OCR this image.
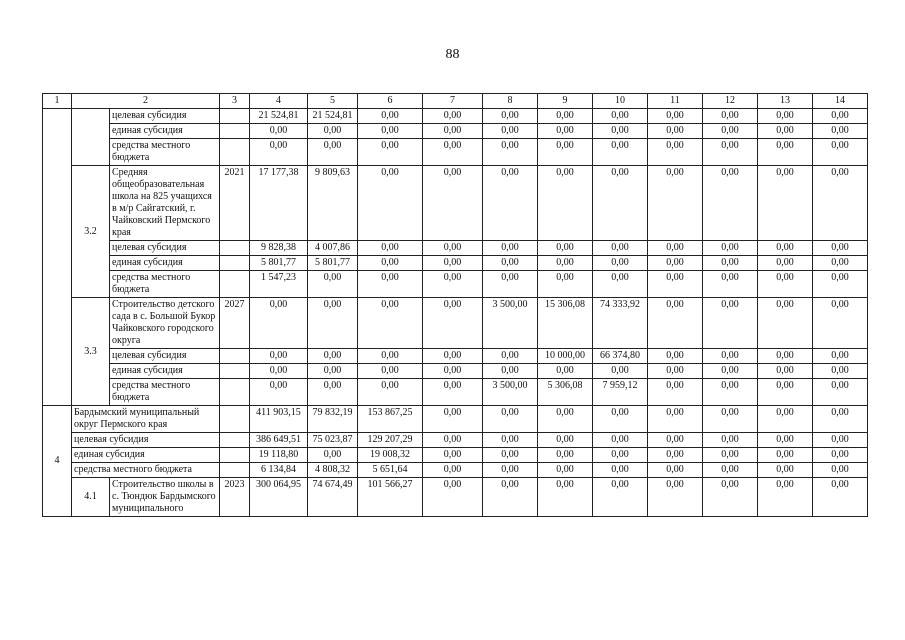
88
1	2		3	4	5	6	7	8	9	10	11	12	13	14
		целевая субсидия		21 524,81	21 524,81	0,00	0,00	0,00	0,00	0,00	0,00	0,00	0,00	0,00
		единая субсидия		0,00	0,00	0,00	0,00	0,00	0,00	0,00	0,00	0,00	0,00	0,00
		средства местного бюджета		0,00	0,00	0,00	0,00	0,00	0,00	0,00	0,00	0,00	0,00	0,00
	3.2	Средняя общеобразовательная школа на 825 учащихся в м/р Сайгатский, г. Чайковский Пермского края	2021	17 177,38	9 809,63	0,00	0,00	0,00	0,00	0,00	0,00	0,00	0,00	0,00
		целевая субсидия		9 828,38	4 007,86	0,00	0,00	0,00	0,00	0,00	0,00	0,00	0,00	0,00
		единая субсидия		5 801,77	5 801,77	0,00	0,00	0,00	0,00	0,00	0,00	0,00	0,00	0,00
		средства местного бюджета		1 547,23	0,00	0,00	0,00	0,00	0,00	0,00	0,00	0,00	0,00	0,00
	3.3	Строительство детского сада в с. Большой Букор Чайковского городского округа	2027	0,00	0,00	0,00	0,00	3 500,00	15 306,08	74 333,92	0,00	0,00	0,00	0,00
		целевая субсидия		0,00	0,00	0,00	0,00	0,00	10 000,00	66 374,80	0,00	0,00	0,00	0,00
		единая субсидия		0,00	0,00	0,00	0,00	0,00	0,00	0,00	0,00	0,00	0,00	0,00
		средства местного бюджета		0,00	0,00	0,00	0,00	3 500,00	5 306,08	7 959,12	0,00	0,00	0,00	0,00
4	Бардымский муниципальный округ Пермского края			411 903,15	79 832,19	153 867,25	0,00	0,00	0,00	0,00	0,00	0,00	0,00	0,00
	целевая субсидия			386 649,51	75 023,87	129 207,29	0,00	0,00	0,00	0,00	0,00	0,00	0,00	0,00
	единая субсидия			19 118,80	0,00	19 008,32	0,00	0,00	0,00	0,00	0,00	0,00	0,00	0,00
	средства местного бюджета			6 134,84	4 808,32	5 651,64	0,00	0,00	0,00	0,00	0,00	0,00	0,00	0,00
	4.1	Строительство школы в с. Тюндюк Бардымского муниципального	2023	300 064,95	74 674,49	101 566,27	0,00	0,00	0,00	0,00	0,00	0,00	0,00	0,00
